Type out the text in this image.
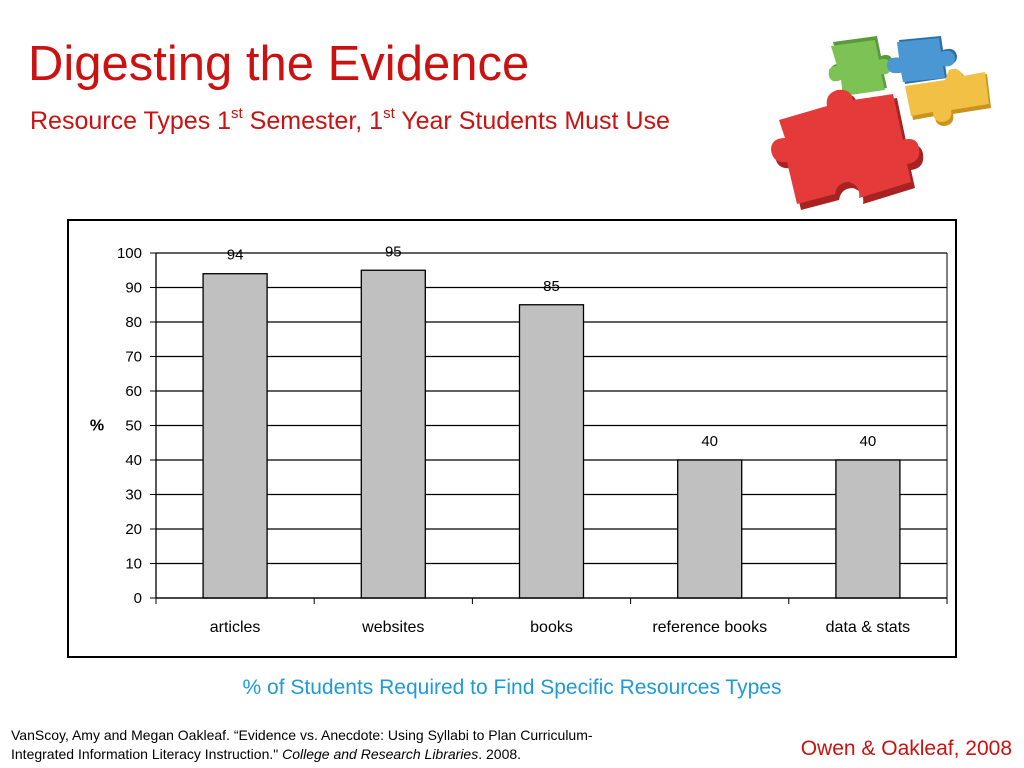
Digesting the Evidence
Resource Types 1st Semester, 1st Year Students Must Use
94	95
85
40	40
0
10
20
30
40
50
60
70
80
90
100
articles	websites	books	reference books	data & stats
%
% of Students Required to Find Specific Resources Types
VanScoy, Amy and Megan Oakleaf. “Evidence vs. Anecdote: Using Syllabi to Plan Curriculum-
Integrated Information Literacy Instruction." College and Research Libraries. 2008.	Owen & Oakleaf, 2008
